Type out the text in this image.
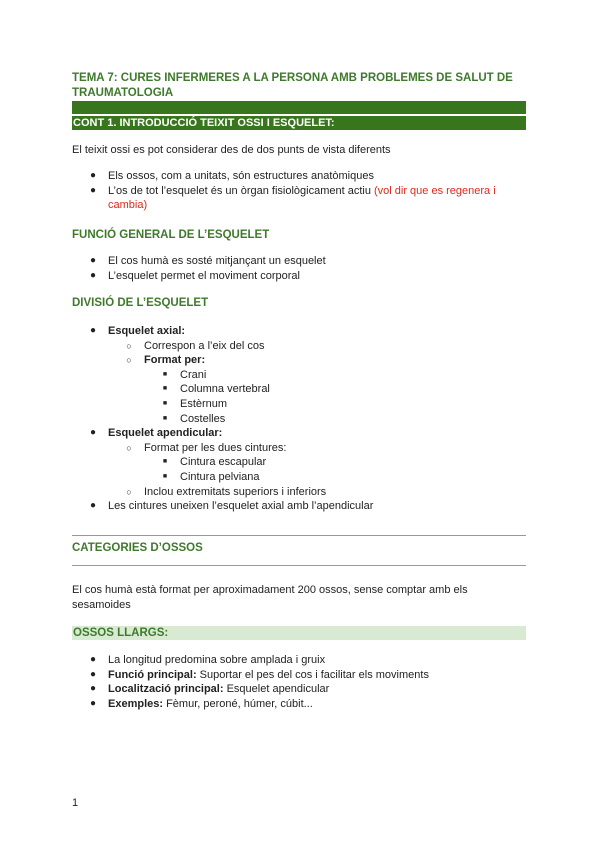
TEMA 7: CURES INFERMERES A LA PERSONA AMB PROBLEMES DE SALUT DE TRAUMATOLOGIA
CONT 1. INTRODUCCIÓ TEIXIT OSSI I ESQUELET:
El teixit ossi es pot considerar des de dos punts de vista diferents
●	Els ossos, com a unitats, són estructures anatòmiques
●	L’os de tot l’esquelet és un òrgan fisiològicament actiu (vol dir que es regenera i cambia)
FUNCIÓ GENERAL DE L’ESQUELET
●	El cos humà es sosté mitjançant un esquelet
●	L’esquelet permet el moviment corporal
DIVISIÓ DE L’ESQUELET
●	Esquelet axial:
○	Correspon a l’eix del cos
○	Format per:
■	Crani
■	Columna vertebral
■	Estèrnum
■	Costelles
●	Esquelet apendicular:
○	Format per les dues cintures:
■	Cintura escapular
■	Cintura pelviana
○	Inclou extremitats superiors i inferiors
●	Les cintures uneixen l’esquelet axial amb l’apendicular
CATEGORIES D’OSSOS
El cos humà està format per aproximadament 200 ossos, sense comptar amb els sesamoides
OSSOS LLARGS:
●	La longitud predomina sobre amplada i gruix
●	Funció principal: Suportar el pes del cos i facilitar els moviments
●	Localització principal: Esquelet apendicular
●	Exemples: Fèmur, peroné, húmer, cúbit...
1
